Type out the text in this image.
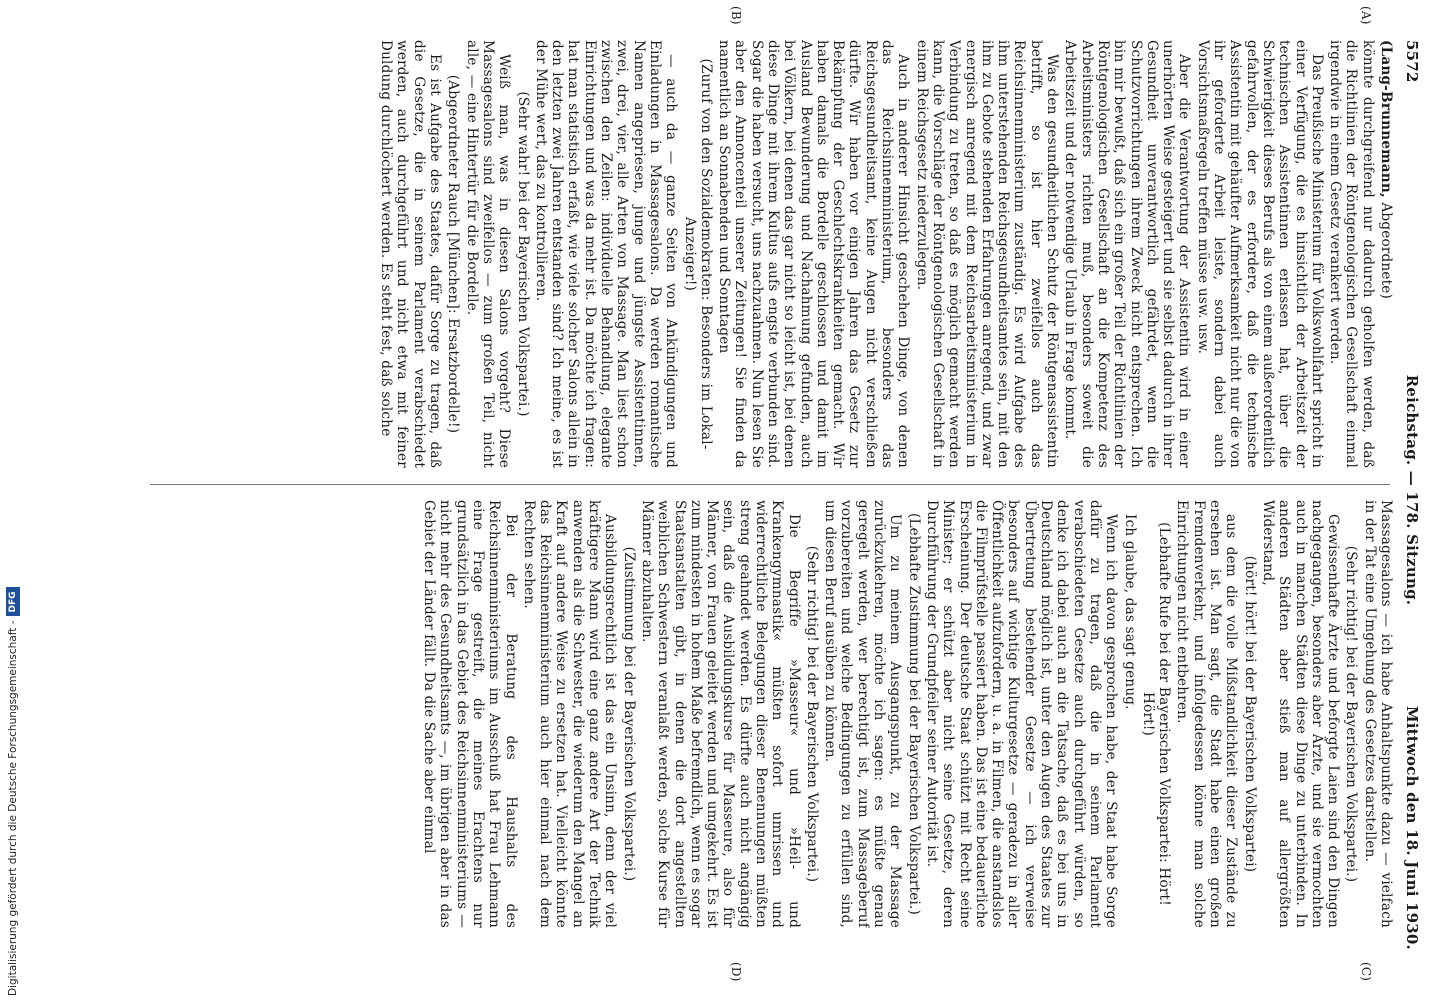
5572
Reichstag. — 178. Sitzung.
Mittwoch den 18. Juni 1930.

(Lang-Brunnemann, Abgeordnete)

könnte durchgreifend nur dadurch geholfen werden, daß die Richtlinien der Röntgenologischen Gesellschaft einmal irgendwie in einem Gesetz verankert werden.

Das Preußische Ministerium für Volkswohlfahrt spricht in einer Verfügung, die es hinsichtlich der Arbeitszeit der technischen Assistentinnen erlassen hat, über die Schwierigkeit dieses Berufs als von einem außerordentlich gefahrvollen, der es erfordere, daß die technische Assistentin mit gehäufter Aufmerksamkeit nicht nur die von ihr geforderte Arbeit leiste, sondern dabei auch Vorsichtsmaßregeln treffen müsse usw. usw.

Aber die Verantwortung der Assistentin wird in einer unerhörten Weise gesteigert und sie selbst dadurch in ihrer Gesundheit unverantwortlich gefährdet, wenn die Schutzvorrichtungen ihrem Zweck nicht entsprechen. Ich bin mir bewußt, daß sich ein großer Teil der Richtlinien der Röntgenologischen Gesellschaft an die Kompetenz des Arbeitsministers richten muß, besonders soweit die Arbeitszeit und der notwendige Urlaub in Frage kommt.

Was den gesundheitlichen Schutz der Röntgenassistentin betrifft, so ist hier zweifellos auch das Reichsinnenministerium zuständig. Es wird Aufgabe des ihm unterstehenden Reichsgesundheitsamtes sein, mit den ihm zu Gebote stehenden Erfahrungen anregend, und zwar energisch anregend mit dem Reichsarbeitsministerium in Verbindung zu treten, so daß es möglich gemacht werden kann, die Vorschläge der Röntgenologischen Gesellschaft in einem Reichsgesetz niederzulegen.

Auch in anderer Hinsicht geschehen Dinge, von denen das Reichsinnenministerium, besonders das Reichsgesundheitsamt, keine Augen nicht verschließen dürfte. Wir haben vor einigen Jahren das Gesetz zur Bekämpfung der Geschlechtskrankheiten gemacht. Wir haben damals die Bordelle geschlossen und damit im Ausland Bewunderung und Nachahmung gefunden, auch bei Völkern, bei denen das gar nicht so leicht ist, bei denen diese Dinge mit ihrem Kultus aufs engste verbunden sind. Sogar die haben versucht, uns nachzuahmen. Nun lesen Sie aber den Annoncenteil unserer Zeitungen! Sie finden da namentlich an Sonnabenden und Sonntagen

(Zuruf von den Sozialdemokraten: Besonders im Lokal-Anzeiger!)

— auch da — ganze Seiten von Ankündigungen und Einladungen in Massagesalons. Da werden romantische Namen angepriesen, junge und jüngste Assistentinnen, zwei, drei, vier, alle Arten von Massage. Man liest schon zwischen den Zeilen: individuelle Behandlung, elegante Einrichtungen und was da mehr ist. Da möchte ich fragen: hat man statistisch erfaßt, wie viele solcher Salons allein in den letzten zwei Jahren entstanden sind? Ich meine, es ist der Mühe wert, das zu kontrollieren.

(Sehr wahr! bei der Bayerischen Volkspartei.)

Weiß man, was in diesen Salons vorgeht? Diese Massagesalons sind zweifellos — zum großen Teil, nicht alle, — eine Hintertür für die Bordelle.

(Abgeordneter Rauch [München]: Ersatzbordelle!)

Es ist Aufgabe des Staates, dafür Sorge zu tragen, daß die Gesetze, die in seinem Parlament verabschiedet werden, auch durchgeführt und nicht etwa mit feiner Duldung durchlöchert werden. Es steht fest, daß solche

Massagesalons — ich habe Anhaltspunkte dazu — vielfach in der Tat eine Umgehung des Gesetzes darstellen.

(Sehr richtig! bei der Bayerischen Volkspartei.)

Gewissenhafte Ärzte und beforgte Laien sind den Dingen nachgegangen, besonders aber Ärzte, und sie vermochten auch in manchen Städten diese Dinge zu unterbinden. In anderen Städten aber stieß man auf allergrößten Widerstand,

(hört! hört! bei der Bayerischen Volkspartei)

aus dem die volle Mißstandlichkeit dieser Zustände zu ersehen ist. Man sagt, die Stadt habe einen großen Fremdenverkehr, und infolgedessen könne man solche Einrichtungen nicht entbehren.

(Lebhafte Rufe bei der Bayerischen Volkspartei: Hört! Hört!)

Ich glaube, das sagt genug.

Wenn ich davon gesprochen habe, der Staat habe Sorge dafür zu tragen, daß die in seinem Parlament verabschiedeten Gesetze auch durchgeführt würden, so denke ich dabei auch an die Tatsache, daß es bei uns in Deutschland möglich ist, unter den Augen des Staates zur Übertretung bestehender Gesetze — ich verweise besonders auf wichtige Kulturgesetze — geradezu in aller Öffentlichkeit aufzufordern, u. a. in Filmen, die anstandslos die Filmprüfstelle passiert haben. Das ist eine bedauerliche Erscheinung. Der deutsche Staat schützt mit Recht seine Minister; er schützt aber nicht seine Gesetze, deren Durchführung der Grundpfeiler seiner Autorität ist.

(Lebhafte Zustimmung bei der Bayerischen Volkspartei.)

Um zu meinem Ausgangspunkt, zu der Massage zurückzukehren, möchte ich sagen: es müßte genau geregelt werden, wer berechtigt ist, zum Massageberuf vorzubereiten und welche Bedingungen zu erfüllen sind, um diesen Beruf ausüben zu können.

(Sehr richtig! bei der Bayerischen Volkspartei.)

Die Begriffe »Masseur« und »Heil- und Krankengymnastik« müßten sofort umrissen und widerrechtliche Belegungen dieser Benennungen müßten streng geahndet werden. Es dürfte auch nicht angängig sein, daß die Ausbildungskurse für Masseure, also für Männer, von Frauen geleitet werden und umgekehrt. Es ist zum mindesten in hohem Maße befremdlich, wenn es sogar Staatsanstalten gibt, in denen die dort angestellten weiblichen Schwestern veranlaßt werden, solche Kurse für Männer abzuhalten.

(Zustimmung bei der Bayerischen Volkspartei.)

Ausbildungsrechtlich ist das ein Unsinn, denn der viel kräftigere Mann wird eine ganz andere Art der Technik anwenden als die Schwester, die wiederum den Mangel an Kraft auf andere Weise zu ersetzen hat. Vielleicht könnte das Reichsinnenministerium auch hier einmal nach dem Rechten sehen.

Bei der Beratung des Haushalts des Reichsinnenministeriums im Ausschuß hat Frau Lehmann eine Frage gestreift, die meines Erachtens nur grundsätzlich in das Gebiet des Reichsinnenministeriums — nicht mehr des Gesundheitsamts —, im übrigen aber in das Gebiet der Länder fällt. Da die Sache aber einmal

(A)
(B)
(C)
(D)
Digitalisierung gefördert durch die Deutsche Forschungsgemeinschaft -
DFG
